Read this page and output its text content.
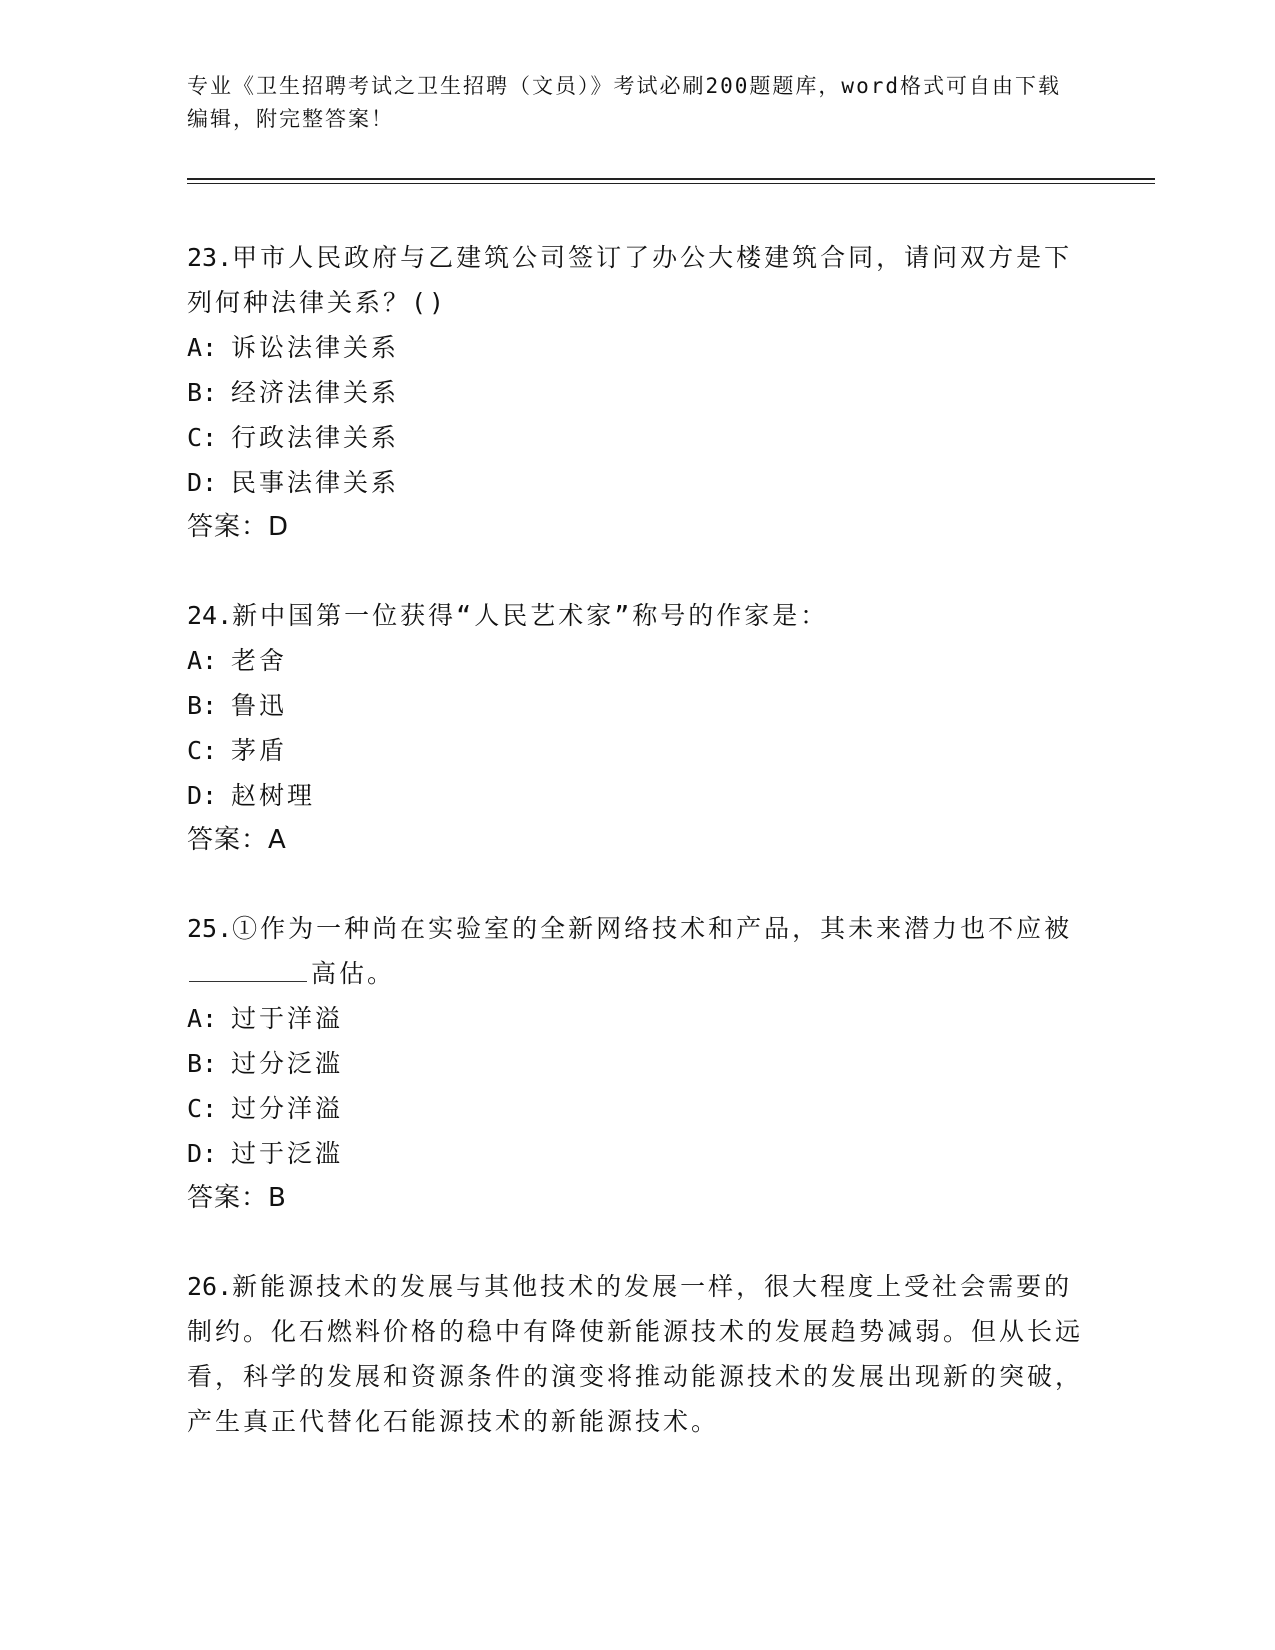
专业《卫生招聘考试之卫生招聘（文员）》考试必刷200题题库，word格式可自由下载编辑，附完整答案！

23.甲市人民政府与乙建筑公司签订了办公大楼建筑合同，请问双方是下列何种法律关系？()

A: 诉讼法律关系

B: 经济法律关系

C: 行政法律关系

D: 民事法律关系

答案：D

24.新中国第一位获得“人民艺术家”称号的作家是：

A: 老舍

B: 鲁迅

C: 茅盾

D: 赵树理

答案：A

25.①作为一种尚在实验室的全新网络技术和产品，其未来潜力也不应被高估。

A: 过于洋溢

B: 过分泛滥

C: 过分洋溢

D: 过于泛滥

答案：B

26.新能源技术的发展与其他技术的发展一样，很大程度上受社会需要的制约。化石燃料价格的稳中有降使新能源技术的发展趋势减弱。但从长远看，科学的发展和资源条件的演变将推动能源技术的发展出现新的突破，产生真正代替化石能源技术的新能源技术。
